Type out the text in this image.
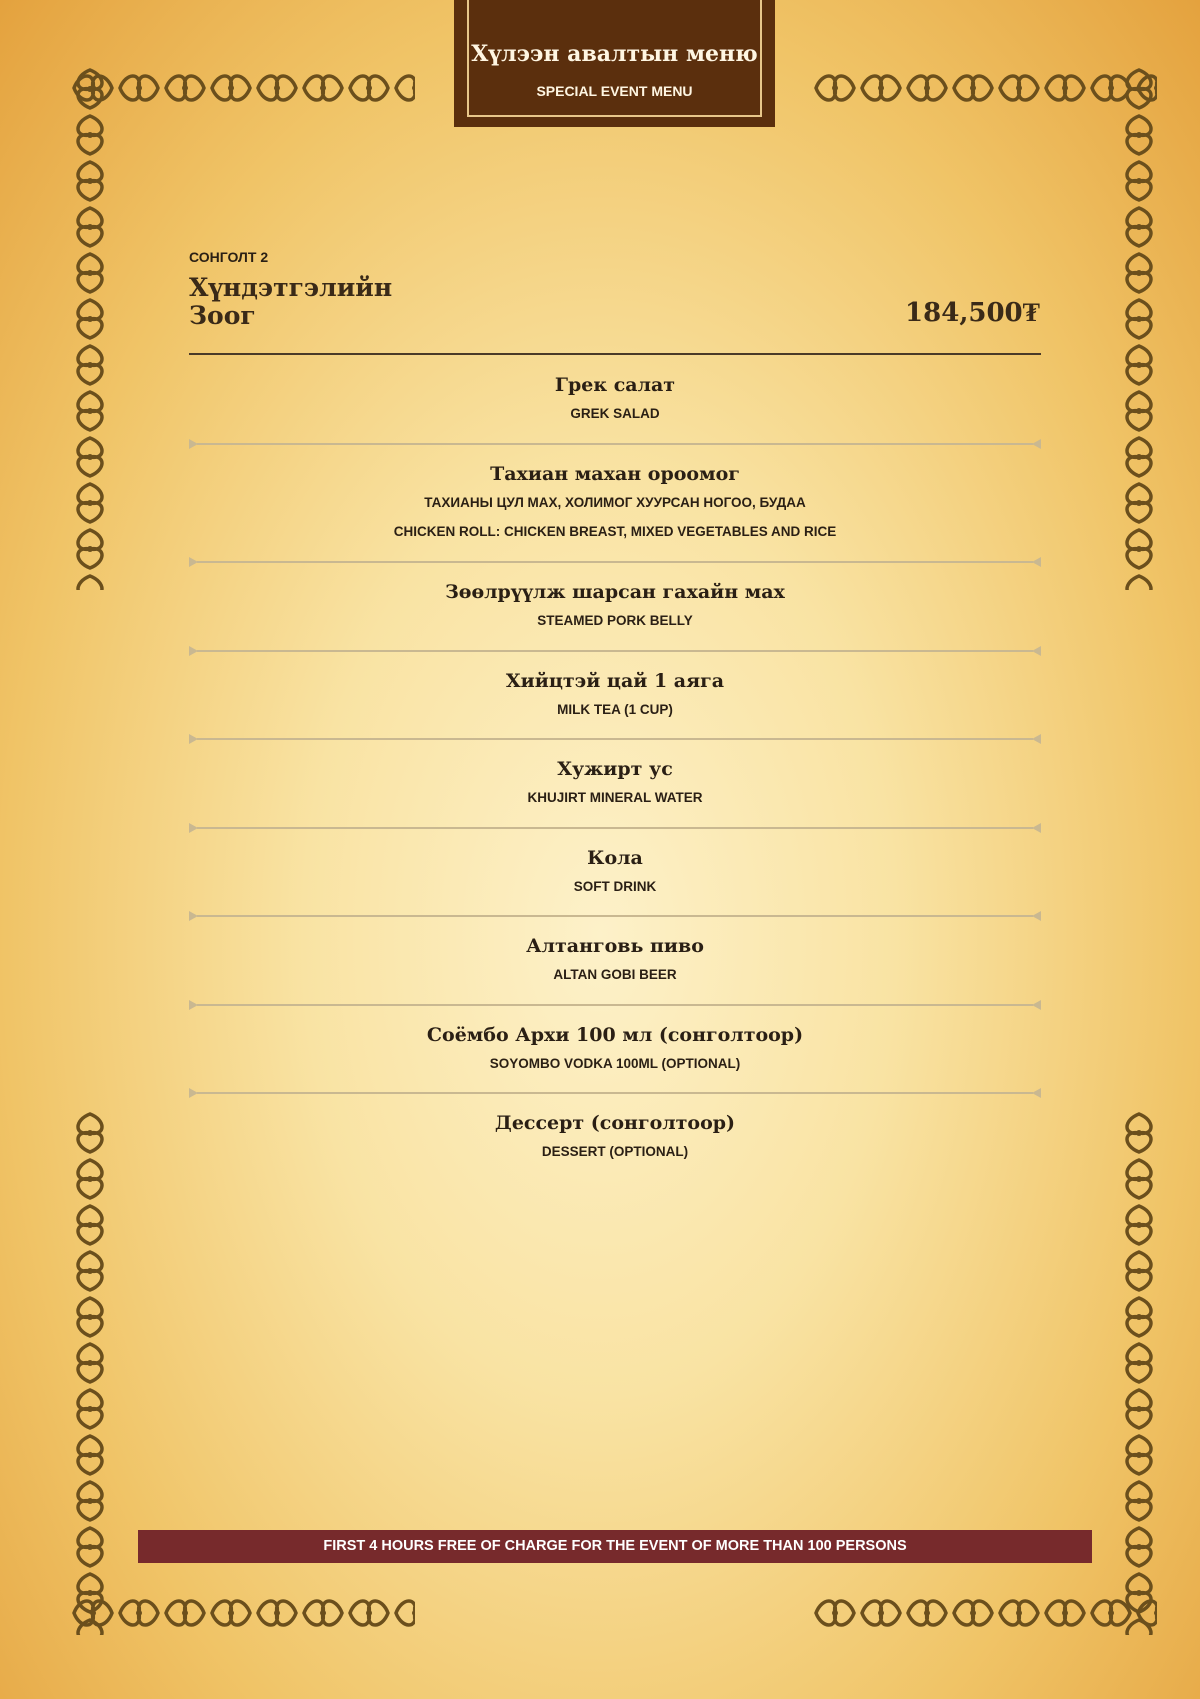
Хүлээн авалтын меню
SPECIAL EVENT MENU
СОНГОЛТ 2
Хүндэтгэлийн
Зоог	184,500₮
Грек салат
GREK SALAD
Тахиан махан ороомог
ТАХИАНЫ ЦУЛ МАХ, ХОЛИМОГ ХУУРСАН НОГОО, БУДАА
CHICKEN ROLL: CHICKEN BREAST, MIXED VEGETABLES AND RICE
Зөөлрүүлж шарсан гахайн мах
STEAMED PORK BELLY
Хийцтэй цай 1 аяга
MILK TEA (1 CUP)
Хужирт ус
KHUJIRT MINERAL WATER
Кола
SOFT DRINK
Алтанговь пиво
ALTAN GOBI BEER
Соёмбо Архи 100 мл (сонголтоор)
SOYOMBO VODKA 100ML (OPTIONAL)
Дессерт (сонголтоор)
DESSERT (OPTIONAL)
FIRST 4 HOURS FREE OF CHARGE FOR THE EVENT OF MORE THAN 100 PERSONS
